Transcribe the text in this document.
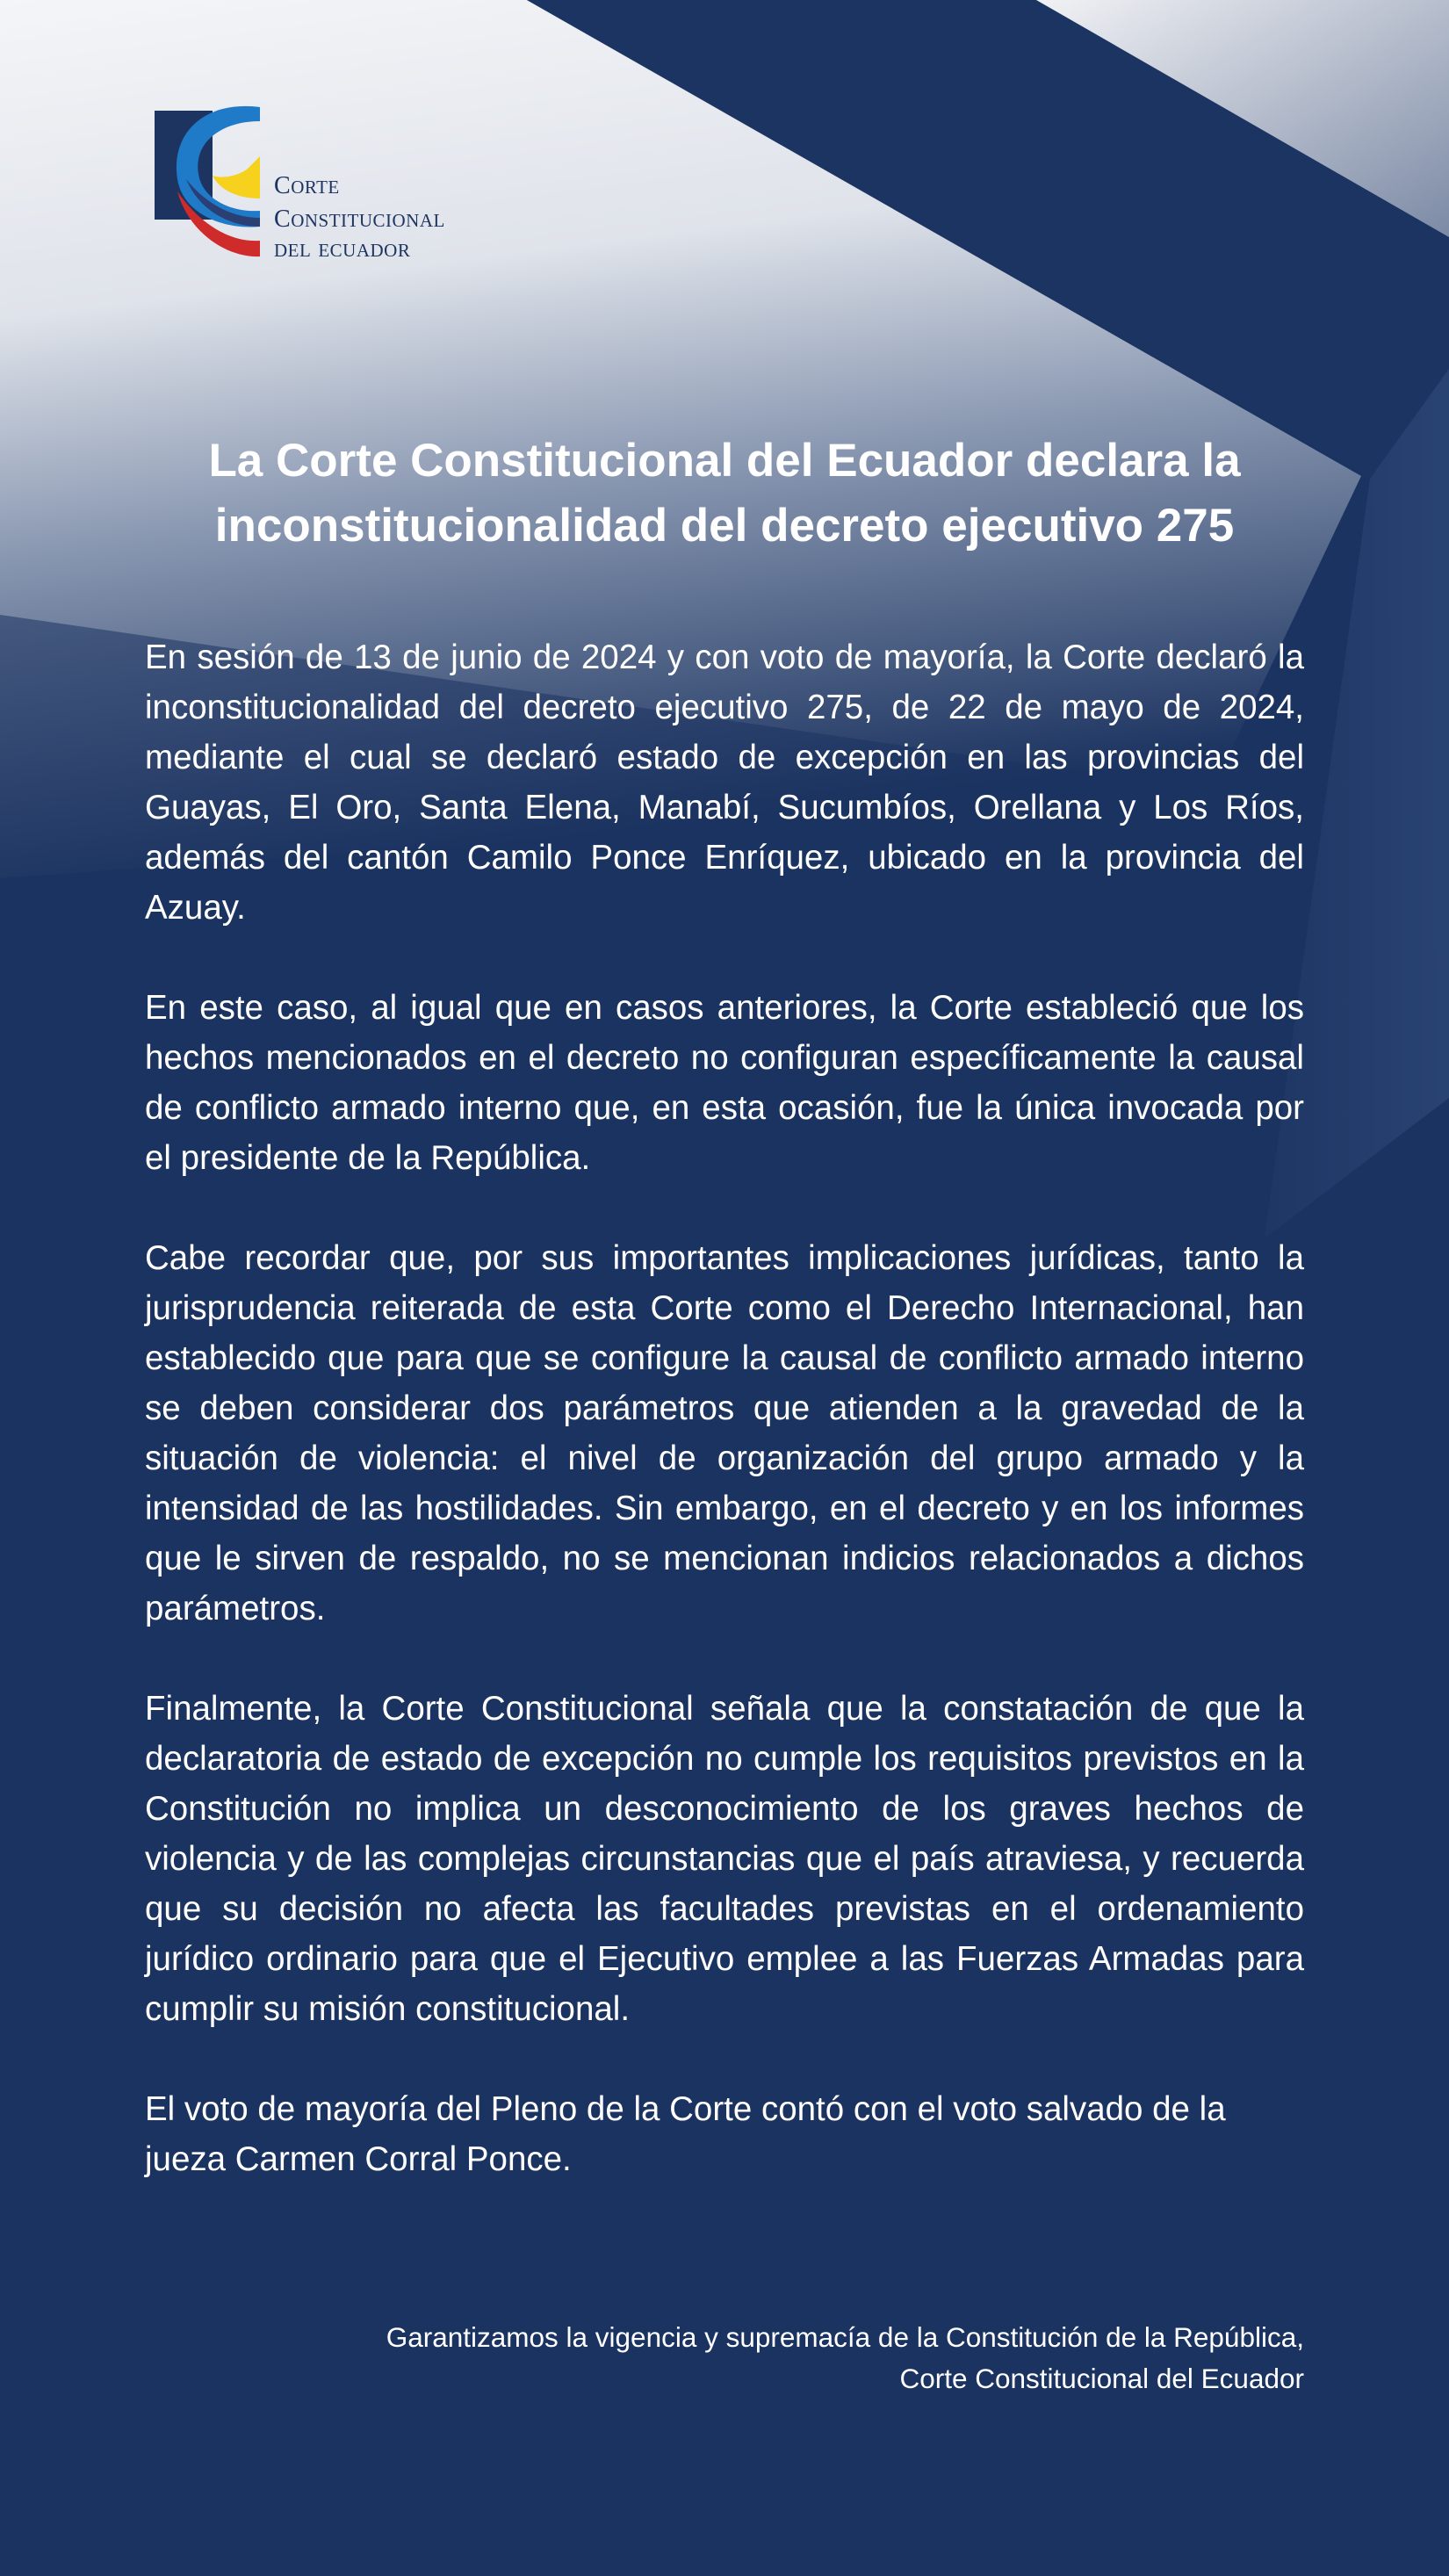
corte
constitucional
del ecuador
La Corte Constitucional del Ecuador declara la inconstitucionalidad del decreto ejecutivo 275

En sesión de 13 de junio de 2024 y con voto de mayoría, la Corte declaró la inconstitucionalidad del decreto ejecutivo 275, de 22 de mayo de 2024, mediante el cual se declaró estado de excepción en las provincias del Guayas, El Oro, Santa Elena, Manabí, Sucumbíos, Orellana y Los Ríos, además del cantón Camilo Ponce Enríquez, ubicado en la provincia del Azuay.

En este caso, al igual que en casos anteriores, la Corte estableció que los hechos mencionados en el decreto no configuran específicamente la causal de conflicto armado interno que, en esta ocasión, fue la única invocada por el presidente de la República.

Cabe recordar que, por sus importantes implicaciones jurídicas, tanto la jurisprudencia reiterada de esta Corte como el Derecho Internacional, han establecido que para que se configure la causal de conflicto armado interno se deben considerar dos parámetros que atienden a la gravedad de la situación de violencia: el nivel de organización del grupo armado y la intensidad de las hostilidades. Sin embargo, en el decreto y en los informes que le sirven de respaldo, no se mencionan indicios relacionados a dichos parámetros.

Finalmente, la Corte Constitucional señala que la constatación de que la declaratoria de estado de excepción no cumple los requisitos previstos en la Constitución no implica un desconocimiento de los graves hechos de violencia y de las complejas circunstancias que el país atraviesa, y recuerda que su decisión no afecta las facultades previstas en el ordenamiento jurídico ordinario para que el Ejecutivo emplee a las Fuerzas Armadas para cumplir su misión constitucional.

El voto de mayoría del Pleno de la Corte contó con el voto salvado de la jueza Carmen Corral Ponce.

Garantizamos la vigencia y supremacía de la Constitución de la República,
Corte Constitucional del Ecuador
